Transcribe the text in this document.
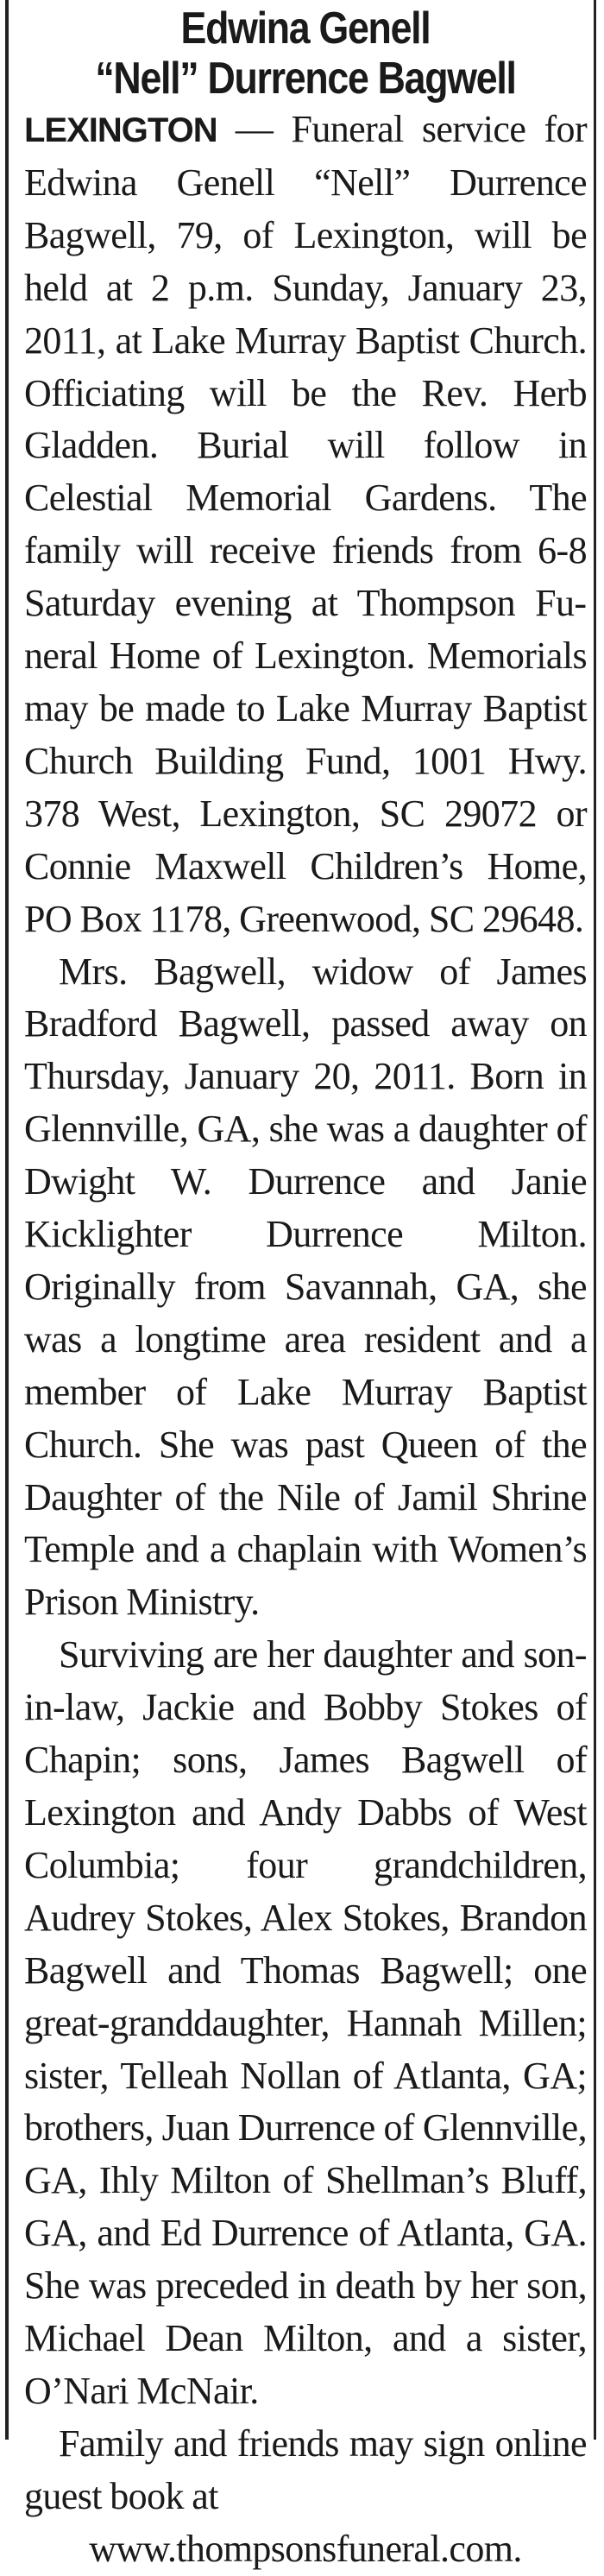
Edwina Genell
“Nell” Durrence Bagwell

LEXINGTON — Funeral service for Edwina Genell “Nell” Durrence Bagwell, 79, of Lexington, will be held at 2 p.m. Sunday, January 23, 2011, at Lake Murray Baptist Church. Officiating will be the Rev. Herb Gladden. Burial will follow in Celestial Memorial Gardens. The family will receive friends from 6-8 Saturday evening at Thompson Funeral Home of Lexington. Memorials may be made to Lake Murray Baptist Church Building Fund, 1001 Hwy. 378 West, Lexington, SC 29072 or Connie Maxwell Children’s Home, PO Box 1178, Greenwood, SC 29648.

Mrs. Bagwell, widow of James Bradford Bagwell, passed away on Thursday, January 20, 2011. Born in Glennville, GA, she was a daughter of Dwight W. Durrence and Janie Kicklighter Durrence Milton. Originally from Savannah, GA, she was a longtime area resident and a member of Lake Murray Baptist Church. She was past Queen of the Daughter of the Nile of Jamil Shrine Temple and a chaplain with Women’s Prison Ministry.

Surviving are her daughter and son-in-law, Jackie and Bobby Stokes of Chapin; sons, James Bagwell of Lexington and Andy Dabbs of West Columbia; four grandchildren, Audrey Stokes, Alex Stokes, Brandon Bagwell and Thomas Bagwell; one great-granddaughter, Hannah Millen; sister, Telleah Nollan of Atlanta, GA; brothers, Juan Durrence of Glennville, GA, Ihly Milton of Shellman’s Bluff, GA, and Ed Durrence of Atlanta, GA. She was preceded in death by her son, Michael Dean Milton, and a sister, O’Nari McNair.

Family and friends may sign online guest book at
www.thompsonsfuneral.com.
